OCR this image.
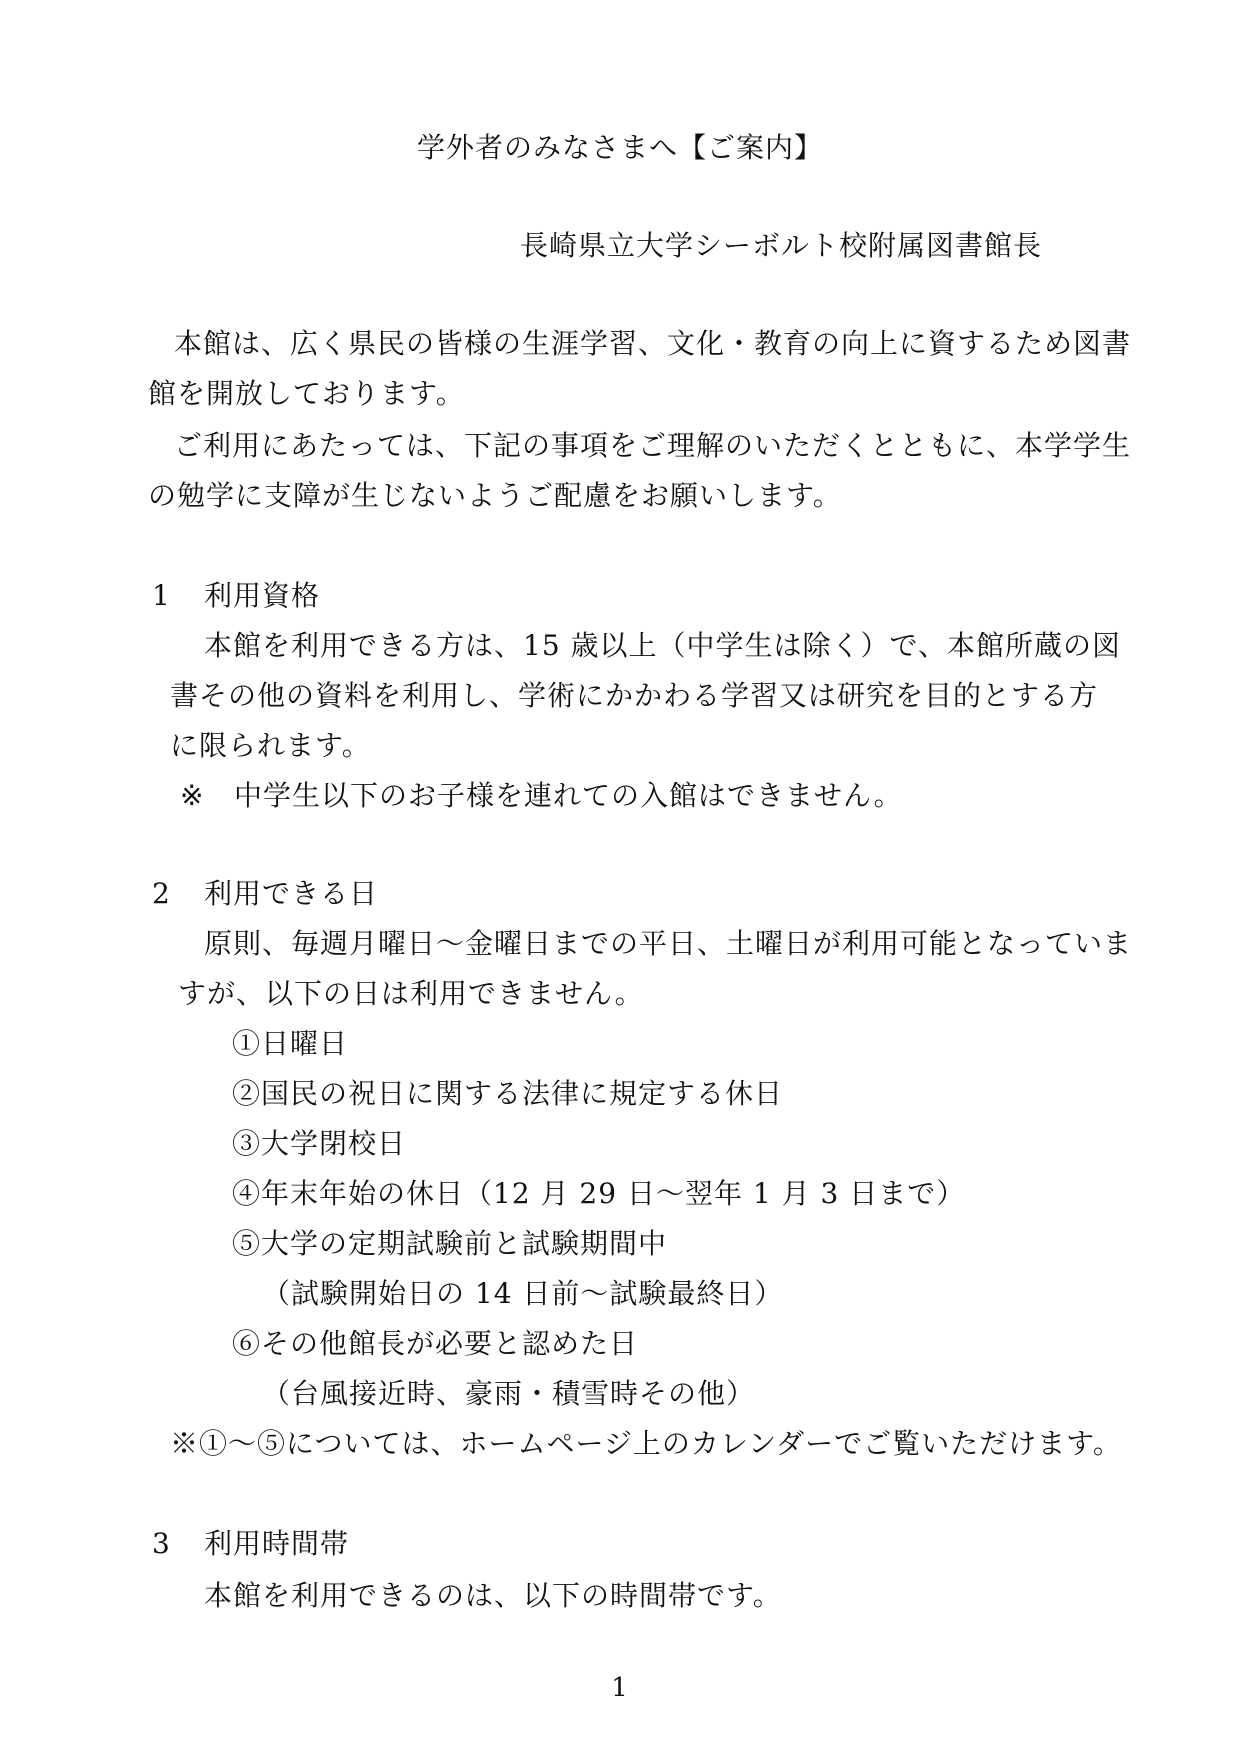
学外者のみなさまへ【ご案内】
長崎県立大学シーボルト校附属図書館長
本館は、広く県民の皆様の生涯学習、文化・教育の向上に資するため図書
館を開放しております。
ご利用にあたっては、下記の事項をご理解のいただくとともに、本学学生
の勉学に支障が生じないようご配慮をお願いします。
1 利用資格
本館を利用できる方は、15 歳以上（中学生は除く）で、本館所蔵の図
書その他の資料を利用し、学術にかかわる学習又は研究を目的とする方
に限られます。
※ 中学生以下のお子様を連れての入館はできません。
2 利用できる日
原則、毎週月曜日～金曜日までの平日、土曜日が利用可能となっていま
すが、以下の日は利用できません。
①日曜日
②国民の祝日に関する法律に規定する休日
③大学閉校日
④年末年始の休日（12 月 29 日～翌年 1 月 3 日まで）
⑤大学の定期試験前と試験期間中
（試験開始日の 14 日前～試験最終日）
⑥その他館長が必要と認めた日
（台風接近時、豪雨・積雪時その他）
※①～⑤については、ホームページ上のカレンダーでご覧いただけます。
3 利用時間帯
本館を利用できるのは、以下の時間帯です。
1
